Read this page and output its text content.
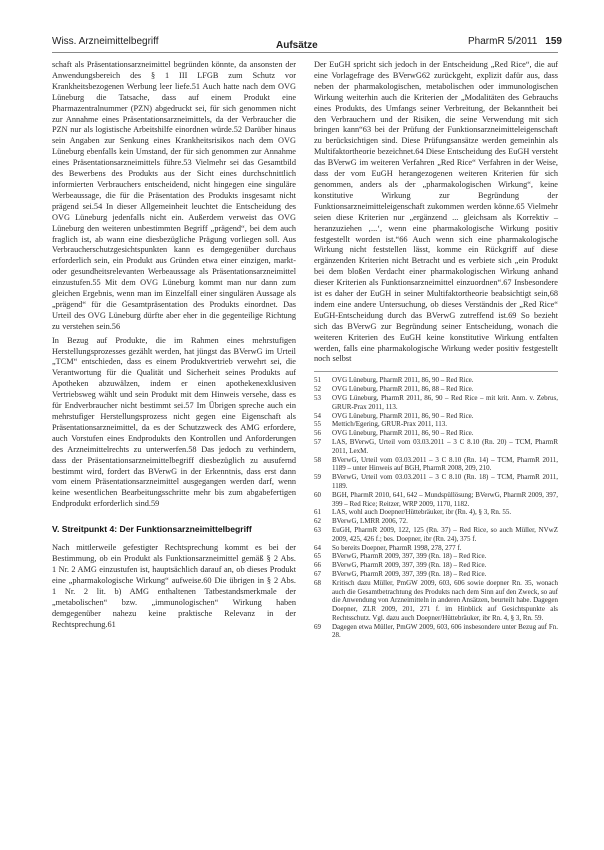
Wiss. Arzneimittelbegriff	Aufsätze	PharmR 5/2011 159

schaft als Präsentationsarzneimittel begründen könnte, da ansonsten der Anwendungsbereich des § 1 III LFGB zum Schutz vor Krankheitsbezogenen Werbung leer liefe.51 Auch hatte nach dem OVG Lüneburg die Tatsache, dass auf einem Produkt eine Pharmazentralnummer (PZN) abgedruckt sei, für sich genommen nicht zur Annahme eines Präsentationsarzneimittels, da der Verbraucher die PZN nur als logistische Arbeitshilfe einordnen würde.52 Darüber hinaus sein Angaben zur Senkung eines Krankheitsrisikos nach dem OVG Lüneburg ebenfalls kein Umstand, der für sich genommen zur Annahme eines Präsentationsarzneimittels führe.53 Vielmehr sei das Gesamtbild des Bewerbens des Produkts aus der Sicht eines durchschnittlich informierten Verbrauchers entscheidend, nicht hingegen eine singuläre Werbeaussage, die für die Präsentation des Produkts insgesamt nicht prägend sei.54 In dieser Allgemeinheit leuchtet die Entscheidung des OVG Lüneburg jedenfalls nicht ein. Außerdem verweist das OVG Lüneburg den weiteren unbestimmten Begriff „prägend“, bei dem auch fraglich ist, ab wann eine diesbezügliche Prägung vorliegen soll. Aus Verbraucherschutzgesichtspunkten kann es demgegenüber durchaus erforderlich sein, ein Produkt aus Gründen etwa einer einzigen, markt- oder gesundheitsrelevanten Werbeaussage als Präsentationsarzneimittel einzustufen.55 Mit dem OVG Lüneburg kommt man nur dann zum gleichen Ergebnis, wenn man im Einzelfall einer singulären Aussage als „prägend“ für die Gesamtpräsentation des Produkts einordnet. Das Urteil des OVG Lüneburg dürfte aber eher in die gegenteilige Richtung zu verstehen sein.56

In Bezug auf Produkte, die im Rahmen eines mehrstufigen Herstellungsprozesses gezählt werden, hat jüngst das BVerwG im Urteil „TCM“ entschieden, dass es einem Produktvertrieb verwehrt sei, die Verantwortung für die Qualität und Sicherheit seines Produkts auf Apotheken abzuwälzen, indem er einen apothekenexklusiven Vertriebsweg wählt und sein Produkt mit dem Hinweis versehe, dass es für Endverbraucher nicht bestimmt sei.57 Im Übrigen spreche auch ein mehrstufiger Herstellungsprozess nicht gegen eine Eigenschaft als Präsentationsarzneimittel, da es der Schutzzweck des AMG erfordere, auch Vorstufen eines Endprodukts den Kontrollen und Anforderungen des Arzneimittelrechts zu unterwerfen.58 Das jedoch zu verhindern, dass der Präsentationsarzneimittelbegriff diesbezüglich zu ausufernd bestimmt wird, fordert das BVerwG in der Erkenntnis, dass erst dann vom einem Präsentationsarzneimittel ausgegangen werden darf, wenn keine wesentlichen Bearbeitungsschritte mehr bis zum abgabefertigen Endprodukt erforderlich sind.59

V. Streitpunkt 4: Der Funktionsarzneimittelbegriff

Nach mittlerweile gefestigter Rechtsprechung kommt es bei der Bestimmung, ob ein Produkt als Funktionsarzneimittel gemäß § 2 Abs. 1 Nr. 2 AMG einzustufen ist, hauptsächlich darauf an, ob dieses Produkt eine „pharmakologische Wirkung“ aufweise.60 Die übrigen in § 2 Abs. 1 Nr. 2 lit. b) AMG enthaltenen Tatbestandsmerkmale der „metabolischen“ bzw. „immunologischen“ Wirkung haben demgegenüber nahezu keine praktische Relevanz in der Rechtsprechung.61

Der EuGH spricht sich jedoch in der Entscheidung „Red Rice“, die auf eine Vorlagefrage des BVerwG62 zurückgeht, explizit dafür aus, dass neben der pharmakologischen, metabolischen oder immunologischen Wirkung weiterhin auch die Kriterien der „Modalitäten des Gebrauchs eines Produkts, des Umfangs seiner Verbreitung, der Bekanntheit bei den Verbrauchern und der Risiken, die seine Verwendung mit sich bringen kann“63 bei der Prüfung der Funktionsarzneimitteleigenschaft zu berücksichtigen sind. Diese Prüfungsansätze werden gemeinhin als Multifaktortheorie bezeichnet.64 Diese Entscheidung des EuGH versteht das BVerwG im weiteren Verfahren „Red Rice“ Verfahren in der Weise, dass der vom EuGH herangezogenen weiteren Kriterien für sich genommen, anders als der „pharmakologischen Wirkung“, keine konstitutive Wirkung zur Begründung der Funktionsarzneimitteleigenschaft zukommen werden könne.65 Vielmehr seien diese Kriterien nur „ergänzend ... gleichsam als Korrektiv – heranzuziehen ‚...‘, wenn eine pharmakologische Wirkung positiv festgestellt worden ist.“66 Auch wenn sich eine pharmakologische Wirkung nicht feststellen lässt, komme ein Rückgriff auf diese ergänzenden Kriterien nicht Betracht und es verbiete sich „ein Produkt bei dem bloßen Verdacht einer pharmakologischen Wirkung anhand dieser Kriterien als Funktionsarzneimittel einzuordnen“.67 Insbesondere ist es daher der EuGH in seiner Multifaktortheorie beabsichtigt sein,68 indem eine andere Untersuchung, ob dieses Verständnis der „Red Rice“ EuGH-Entscheidung durch das BVerwG zutreffend ist.69 So bezieht sich das BVerwG zur Begründung seiner Entscheidung, wonach die weiteren Kriterien des EuGH keine konstitutive Wirkung entfalten werden, falls eine pharmakologische Wirkung weder positiv festgestellt noch selbst

51	OVG Lüneburg, PharmR 2011, 86, 90 – Red Rice.
52	OVG Lüneburg, PharmR 2011, 86, 88 – Red Rice.
53	OVG Lüneburg, PharmR 2011, 86, 90 – Red Rice – mit krit. Anm. v. Zebrus, GRUR-Prax 2011, 113.
54	OVG Lüneburg, PharmR 2011, 86, 90 – Red Rice.
55	Mettich/Egering, GRUR-Prax 2011, 113.
56	OVG Lüneburg, PharmR 2011, 86, 90 – Red Rice.
57	LAS, BVerwG, Urteil vom 03.03.2011 – 3 C 8.10 (Rn. 20) – TCM, PharmR 2011, LexM.
58	BVerwG, Urteil vom 03.03.2011 – 3 C 8.10 (Rn. 14) – TCM, PharmR 2011, 1189 – unter Hinweis auf BGH, PharmR 2008, 209, 210.
59	BVerwG, Urteil vom 03.03.2011 – 3 C 8.10 (Rn. 18) – TCM, PharmR 2011, 1189.
60	BGH, PharmR 2010, 641, 642 – Mundspüllösung; BVerwG, PharmR 2009, 397, 399 – Red Rice; Reitzer, WRP 2009, 1170, 1182.
61	LAS, wohl auch Doepner/Hüttebräuker, ibr (Rn. 4), § 3, Rn. 55.
62	BVerwG, LMRR 2006, 72.
63	EuGH, PharmR 2009, 122, 125 (Rn. 37) – Red Rice, so auch Müller, NVwZ 2009, 425, 426 f.; bes. Doepner, ibr (Rn. 24), 375 f.
64	So bereits Doepner, PharmR 1998, 278, 277 f.
65	BVerwG, PharmR 2009, 397, 399 (Rn. 18) – Red Rice.
66	BVerwG, PharmR 2009, 397, 399 (Rn. 18) – Red Rice.
67	BVerwG, PharmR 2009, 397, 399 (Rn. 18) – Red Rice.
68	Kritisch dazu Müller, PmGW 2009, 603, 606 sowie doepner Rn. 35, wonach auch die Gesamtbetrachtung des Produkts nach dem Sinn auf den Zweck, so auf die Anwendung von Arzneimitteln in anderen Ansätzen, beurteilt habe. Dagegen Doepner, ZLR 2009, 201, 271 f. im Hinblick auf Gesichtspunkte als Rechtsschutz. Vgl. dazu auch Doepner/Hüttebräuker, ibr Rn. 4, § 3, Rn. 59.
69	Dagegen etwa Müller, PmGW 2009, 603, 606 insbesondere unter Bezug auf Fn. 28.
